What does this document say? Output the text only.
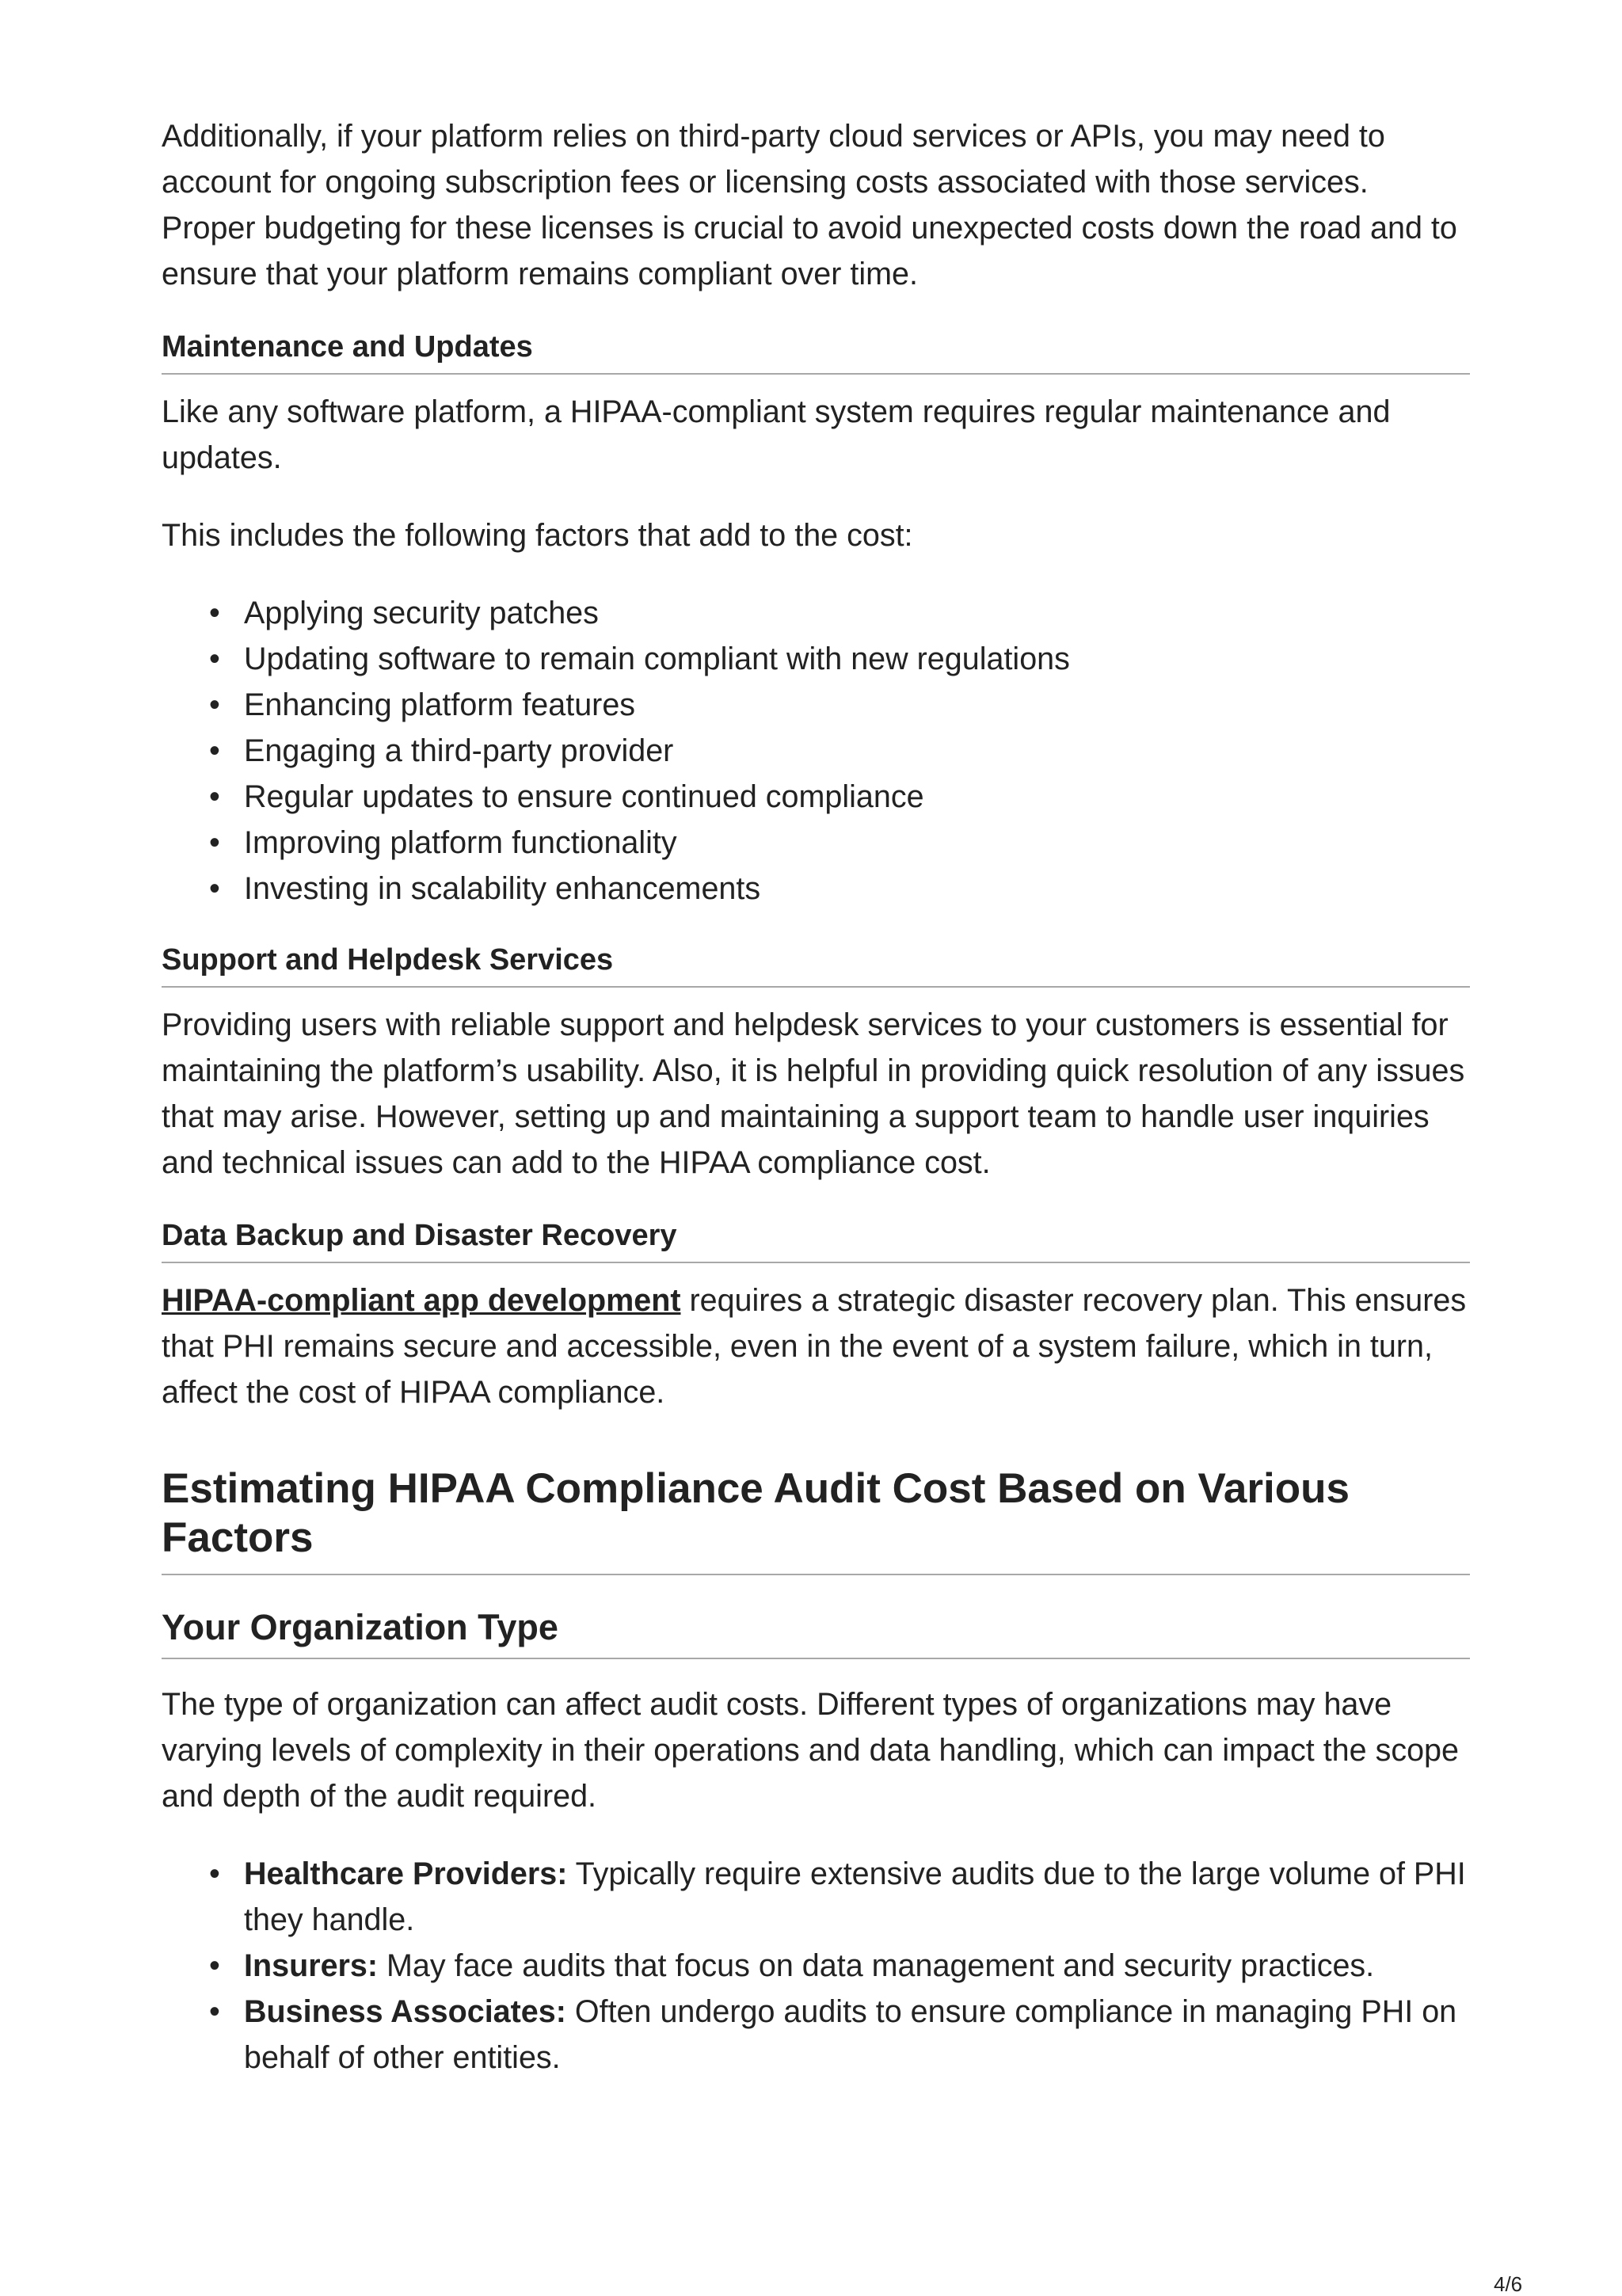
Additionally, if your platform relies on third-party cloud services or APIs, you may need to account for ongoing subscription fees or licensing costs associated with those services. Proper budgeting for these licenses is crucial to avoid unexpected costs down the road and to ensure that your platform remains compliant over time.

Maintenance and Updates

Like any software platform, a HIPAA-compliant system requires regular maintenance and updates.

This includes the following factors that add to the cost:

• Applying security patches
• Updating software to remain compliant with new regulations
• Enhancing platform features
• Engaging a third-party provider
• Regular updates to ensure continued compliance
• Improving platform functionality
• Investing in scalability enhancements
Support and Helpdesk Services

Providing users with reliable support and helpdesk services to your customers is essential for maintaining the platform’s usability. Also, it is helpful in providing quick resolution of any issues that may arise. However, setting up and maintaining a support team to handle user inquiries and technical issues can add to the HIPAA compliance cost.

Data Backup and Disaster Recovery

HIPAA-compliant app development requires a strategic disaster recovery plan. This ensures that PHI remains secure and accessible, even in the event of a system failure, which in turn, affect the cost of HIPAA compliance.

Estimating HIPAA Compliance Audit Cost Based on Various Factors
Your Organization Type

The type of organization can affect audit costs. Different types of organizations may have varying levels of complexity in their operations and data handling, which can impact the scope and depth of the audit required.

• Healthcare Providers: Typically require extensive audits due to the large volume of PHI they handle.
• Insurers: May face audits that focus on data management and security practices.
• Business Associates: Often undergo audits to ensure compliance in managing PHI on behalf of other entities.
4/6
